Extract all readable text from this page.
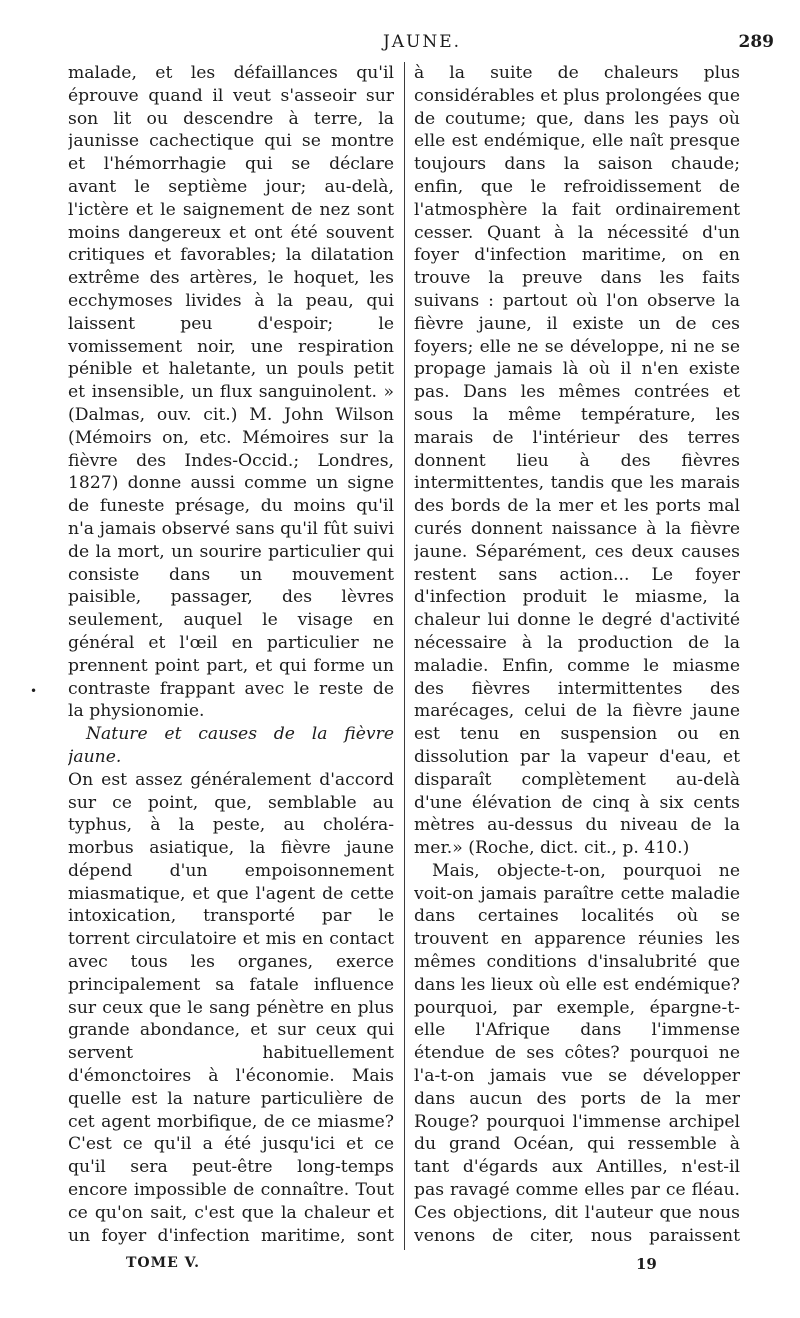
JAUNE.	289
•

malade, et les défaillances qu'il éprouve quand il veut s'asseoir sur son lit ou descendre à terre, la jaunisse cachectique qui se montre et l'hémorrhagie qui se déclare avant le septième jour; au-delà, l'ictère et le saignement de nez sont moins dangereux et ont été souvent critiques et favorables; la dilatation extrême des artères, le hoquet, les ecchymoses livides à la peau, qui laissent peu d'espoir; le vomissement noir, une respiration pénible et haletante, un pouls petit et insensible, un flux sanguinolent. » (Dalmas, ouv. cit.) M. John Wilson (Mémoirs on, etc. Mémoires sur la fièvre des Indes-Occid.; Londres, 1827) donne aussi comme un signe de funeste présage, du moins qu'il n'a jamais observé sans qu'il fût suivi de la mort, un sourire particulier qui consiste dans un mouvement paisible, passager, des lèvres seulement, auquel le visage en général et l'œil en particulier ne prennent point part, et qui forme un contraste frappant avec le reste de la physionomie.

Nature et causes de la fièvre jaune.

On est assez généralement d'accord sur ce point, que, semblable au typhus, à la peste, au choléra-morbus asiatique, la fièvre jaune dépend d'un empoisonnement miasmatique, et que l'agent de cette intoxication, transporté par le torrent circulatoire et mis en contact avec tous les organes, exerce principalement sa fatale influence sur ceux que le sang pénètre en plus grande abondance, et sur ceux qui servent habituellement d'émonctoires à l'économie. Mais quelle est la nature particulière de cet agent morbifique, de ce miasme? C'est ce qu'il a été jusqu'ici et ce qu'il sera peut-être long-temps encore impossible de connaître. Tout ce qu'on sait, c'est que la chaleur et un foyer d'infection maritime, sont

à la suite de chaleurs plus considérables et plus prolongées que de coutume; que, dans les pays où elle est endémique, elle naît presque toujours dans la saison chaude; enfin, que le refroidissement de l'atmosphère la fait ordinairement cesser. Quant à la nécessité d'un foyer d'infection maritime, on en trouve la preuve dans les faits suivans : partout où l'on observe la fièvre jaune, il existe un de ces foyers; elle ne se développe, ni ne se propage jamais là où il n'en existe pas. Dans les mêmes contrées et sous la même température, les marais de l'intérieur des terres donnent lieu à des fièvres intermittentes, tandis que les marais des bords de la mer et les ports mal curés donnent naissance à la fièvre jaune. Séparément, ces deux causes restent sans action... Le foyer d'infection produit le miasme, la chaleur lui donne le degré d'activité nécessaire à la production de la maladie. Enfin, comme le miasme des fièvres intermittentes des marécages, celui de la fièvre jaune est tenu en suspension ou en dissolution par la vapeur d'eau, et disparaît complètement au-delà d'une élévation de cinq à six cents mètres au-dessus du niveau de la mer.» (Roche, dict. cit., p. 410.)

Mais, objecte-t-on, pourquoi ne voit-on jamais paraître cette maladie dans certaines localités où se trouvent en apparence réunies les mêmes conditions d'insalubrité que dans les lieux où elle est endémique? pourquoi, par exemple, épargne-t-elle l'Afrique dans l'immense étendue de ses côtes? pourquoi ne l'a-t-on jamais vue se développer dans aucun des ports de la mer Rouge? pourquoi l'immense archipel du grand Océan, qui ressemble à tant d'égards aux Antilles, n'est-il pas ravagé comme elles par ce fléau. Ces objections, dit l'auteur que nous venons de citer, nous paraissent

TOME V.	19
